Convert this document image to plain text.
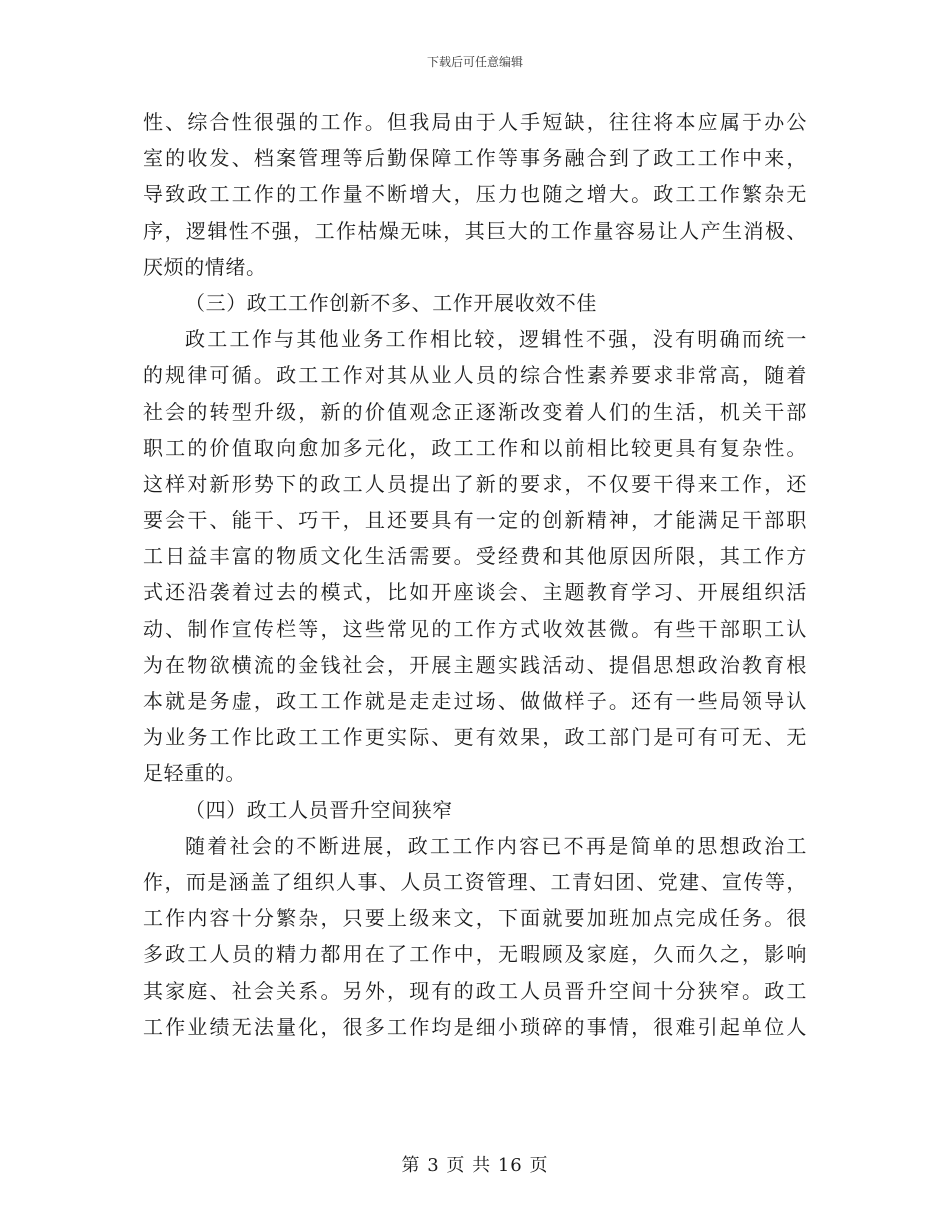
下载后可任意编辑
性、综合性很强的工作。但我局由于人手短缺，往往将本应属于办公
室的收发、档案管理等后勤保障工作等事务融合到了政工工作中来，
导致政工工作的工作量不断增大，压力也随之增大。政工工作繁杂无
序，逻辑性不强，工作枯燥无味，其巨大的工作量容易让人产生消极、
厌烦的情绪。
（三）政工工作创新不多、工作开展收效不佳
政工工作与其他业务工作相比较，逻辑性不强，没有明确而统一
的规律可循。政工工作对其从业人员的综合性素养要求非常高，随着
社会的转型升级，新的价值观念正逐渐改变着人们的生活，机关干部
职工的价值取向愈加多元化，政工工作和以前相比较更具有复杂性。
这样对新形势下的政工人员提出了新的要求，不仅要干得来工作，还
要会干、能干、巧干，且还要具有一定的创新精神，才能满足干部职
工日益丰富的物质文化生活需要。受经费和其他原因所限，其工作方
式还沿袭着过去的模式，比如开座谈会、主题教育学习、开展组织活
动、制作宣传栏等，这些常见的工作方式收效甚微。有些干部职工认
为在物欲横流的金钱社会，开展主题实践活动、提倡思想政治教育根
本就是务虚，政工工作就是走走过场、做做样子。还有一些局领导认
为业务工作比政工工作更实际、更有效果，政工部门是可有可无、无
足轻重的。
（四）政工人员晋升空间狭窄
随着社会的不断进展，政工工作内容已不再是简单的思想政治工
作，而是涵盖了组织人事、人员工资管理、工青妇团、党建、宣传等，
工作内容十分繁杂，只要上级来文，下面就要加班加点完成任务。很
多政工人员的精力都用在了工作中，无暇顾及家庭，久而久之，影响
其家庭、社会关系。另外，现有的政工人员晋升空间十分狭窄。政工
工作业绩无法量化，很多工作均是细小琐碎的事情，很难引起单位人
第 3 页 共 16 页
